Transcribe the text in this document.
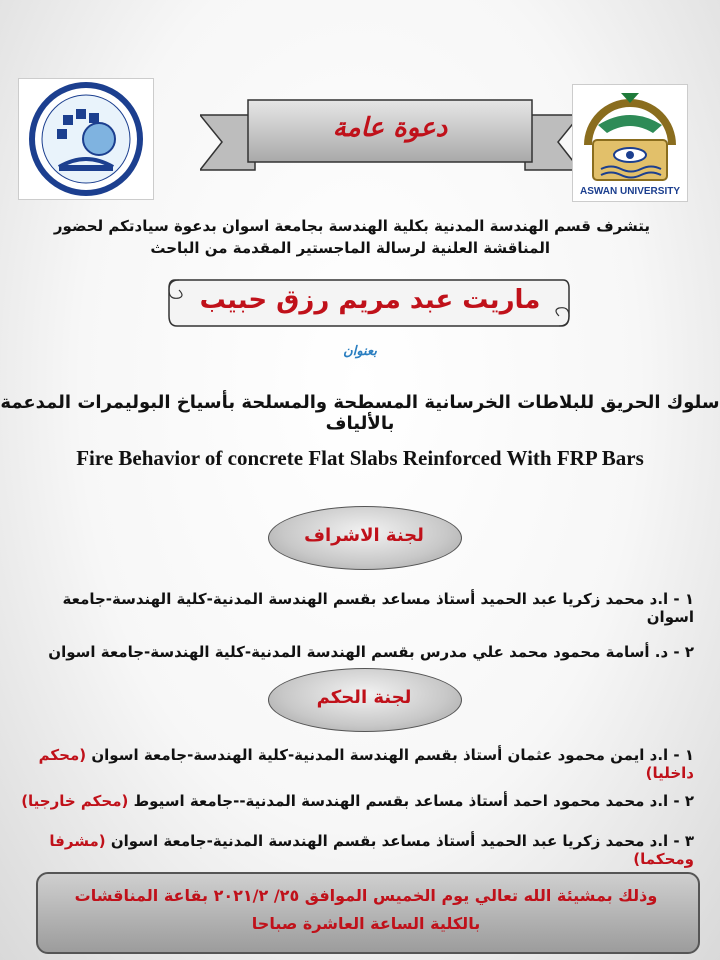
دعوة عامة
ASWAN UNIVERSITY
يتشرف قسم الهندسة المدنية بكلية الهندسة بجامعة اسوان بدعوة سيادتكم لحضور
المناقشة العلنية لرسالة الماجستير المقدمة من الباحث
ماريت عبد مريم رزق حبيب
بعنوان
سلوك الحريق للبلاطات الخرسانية المسطحة والمسلحة بأسياخ البوليمرات المدعمة بالألياف
Fire Behavior of concrete Flat Slabs Reinforced With FRP Bars
لجنة الاشراف
١ - ا.د محمد زكريا عبد الحميد أستاذ مساعد بقسم الهندسة المدنية-كلية الهندسة-جامعة اسوان
٢ - د. أسامة محمود محمد علي مدرس بقسم الهندسة المدنية-كلية الهندسة-جامعة اسوان
لجنة الحكم
١ - ا.د ايمن محمود عثمان أستاذ بقسم الهندسة المدنية-كلية الهندسة-جامعة اسوان (محكم داخليا)
٢ - ا.د محمد محمود احمد أستاذ مساعد بقسم الهندسة المدنية--جامعة اسيوط (محكم خارجيا)
٣ - ا.د محمد زكريا عبد الحميد أستاذ مساعد بقسم الهندسة المدنية-جامعة اسوان (مشرفا ومحكما)
وذلك بمشيئة الله تعالي يوم الخميس الموافق ٢٥/ ٢٠٢١/٢ بقاعة المناقشات
بالكلية الساعة العاشرة صباحا
